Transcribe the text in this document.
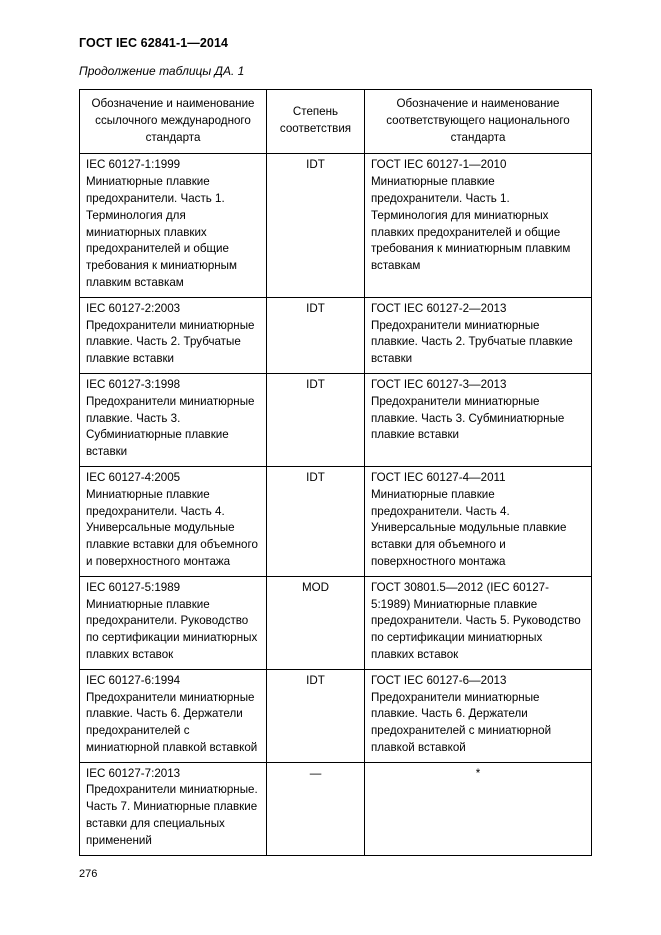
ГОСТ IEC 62841-1—2014
Продолжение таблицы ДА. 1
Обозначение и наименование ссылочного международного стандарта	Степень соответствия	Обозначение и наименование соответствующего национального стандарта
IEC 60127-1:1999 Миниатюрные плавкие предохранители. Часть 1. Терминология для миниатюрных плавких предохранителей и общие требования к миниатюрным плавким вставкам	IDT	ГОСТ IEC 60127-1—2010 Миниатюрные плавкие предохранители. Часть 1. Терминология для миниатюрных плавких предохранителей и общие требования к миниатюрным плавким вставкам
IEC 60127-2:2003 Предохранители миниатюрные плавкие. Часть 2. Трубчатые плавкие вставки	IDT	ГОСТ IEC 60127-2—2013 Предохранители миниатюрные плавкие. Часть 2. Трубчатые плавкие вставки
IEC 60127-3:1998 Предохранители миниатюрные плавкие. Часть 3. Субминиатюрные плавкие вставки	IDT	ГОСТ IEC 60127-3—2013 Предохранители миниатюрные плавкие. Часть 3. Субминиатюрные плавкие вставки
IEC 60127-4:2005 Миниатюрные плавкие предохранители. Часть 4. Универсальные модульные плавкие вставки для объемного и поверхностного монтажа	IDT	ГОСТ IEC 60127-4—2011 Миниатюрные плавкие предохранители. Часть 4. Универсальные модульные плавкие вставки для объемного и поверхностного монтажа
IEC 60127-5:1989 Миниатюрные плавкие предохранители. Руководство по сертификации миниатюрных плавких вставок	MOD	ГОСТ 30801.5—2012 (IEC 60127-5:1989) Миниатюрные плавкие предохранители. Часть 5. Руководство по сертификации миниатюрных плавких вставок
IEC 60127-6:1994 Предохранители миниатюрные плавкие. Часть 6. Держатели предохранителей с миниатюрной плавкой вставкой	IDT	ГОСТ IEC 60127-6—2013 Предохранители миниатюрные плавкие. Часть 6. Держатели предохранителей с миниатюрной плавкой вставкой
IEC 60127-7:2013 Предохранители миниатюрные. Часть 7. Миниатюрные плавкие вставки для специальных применений	—	*
276
